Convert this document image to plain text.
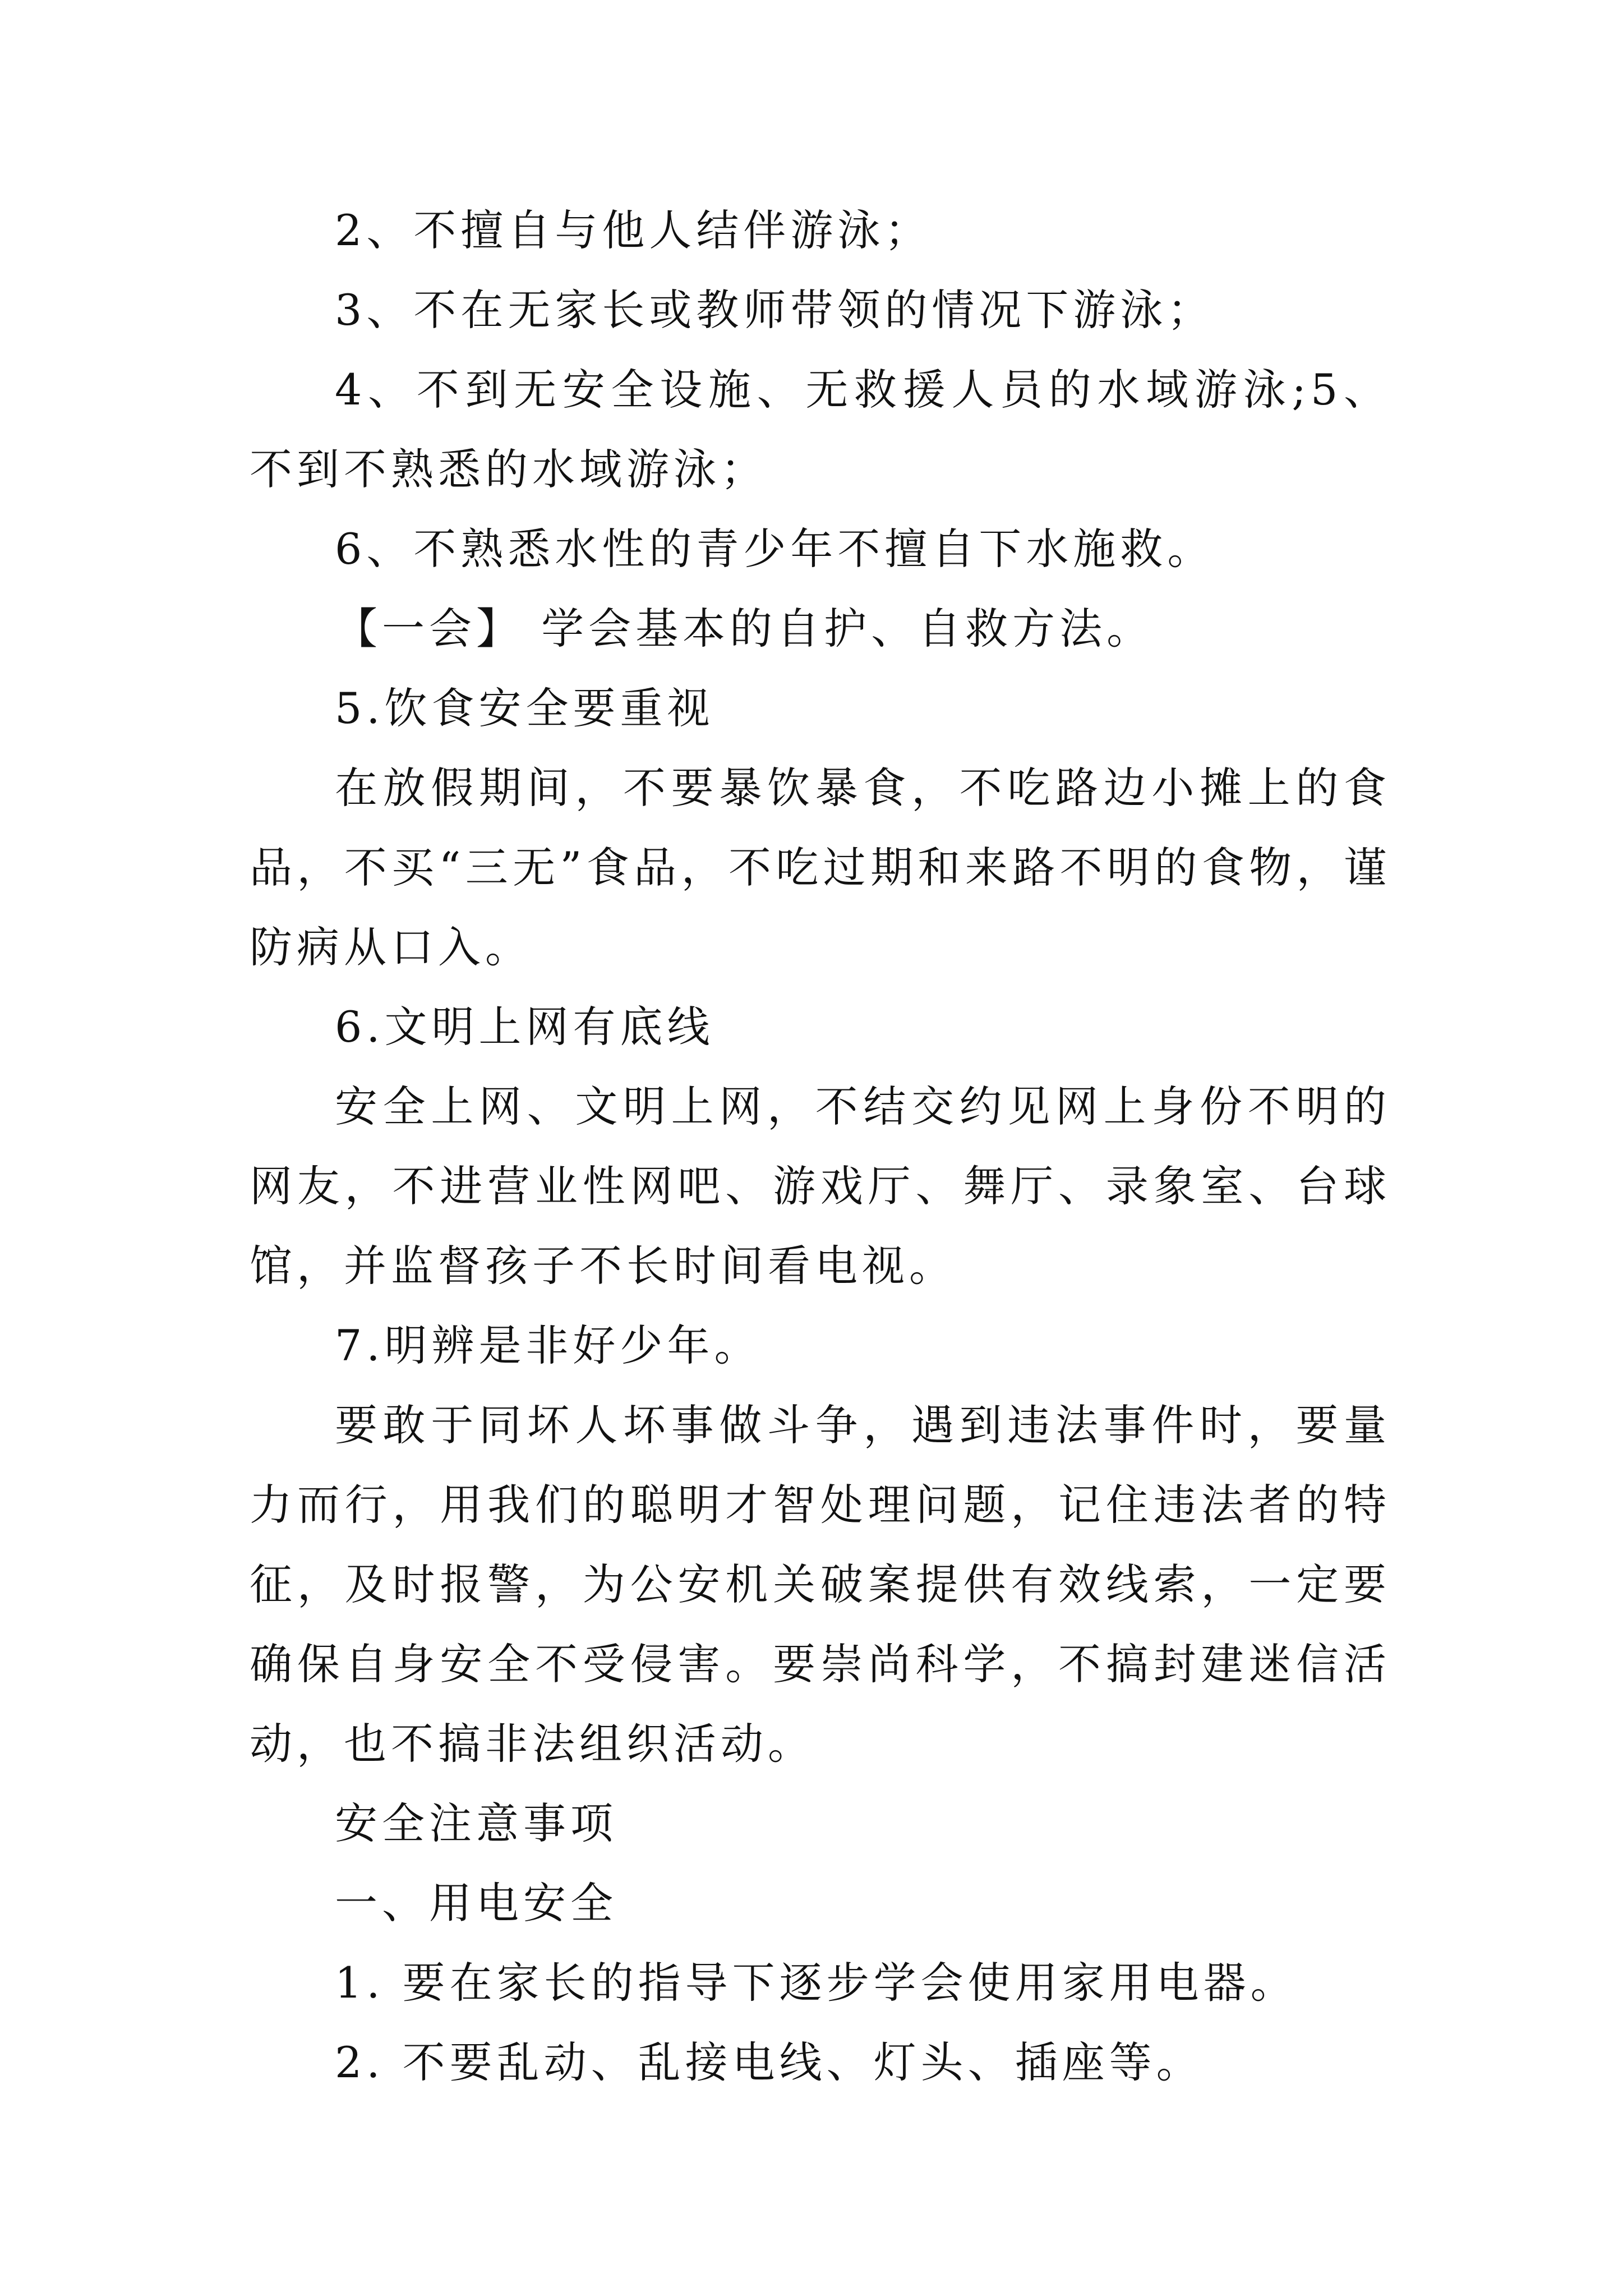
2、不擅自与他人结伴游泳；

3、不在无家长或教师带领的情况下游泳；

4、不到无安全设施、无救援人员的水域游泳;5、不到不熟悉的水域游泳；

6、不熟悉水性的青少年不擅自下水施救。

【一会】 学会基本的自护、自救方法。

5.饮食安全要重视

在放假期间，不要暴饮暴食，不吃路边小摊上的食品，不买“三无”食品，不吃过期和来路不明的食物，谨防病从口入。

6.文明上网有底线

安全上网、文明上网，不结交约见网上身份不明的网友，不进营业性网吧、游戏厅、舞厅、录象室、台球馆，并监督孩子不长时间看电视。

7.明辨是非好少年。

要敢于同坏人坏事做斗争，遇到违法事件时，要量力而行，用我们的聪明才智处理问题，记住违法者的特征，及时报警，为公安机关破案提供有效线索，一定要确保自身安全不受侵害。要崇尚科学，不搞封建迷信活动，也不搞非法组织活动。

安全注意事项

一、用电安全

1. 要在家长的指导下逐步学会使用家用电器。

2. 不要乱动、乱接电线、灯头、插座等。
